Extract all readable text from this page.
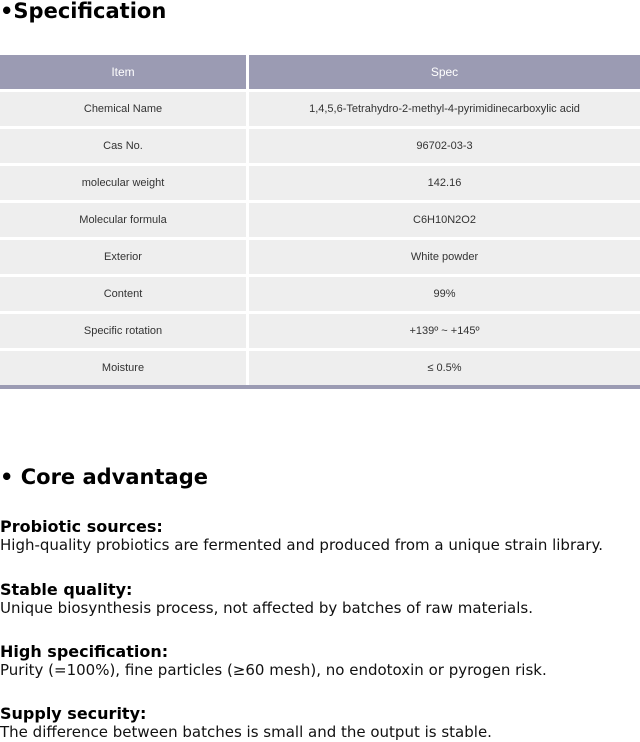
•Specification
Item	Spec
Chemical Name	1,4,5,6-Tetrahydro-2-methyl-4-pyrimidinecarboxylic acid
Cas No.	96702-03-3
molecular weight	142.16
Molecular formula	C6H10N2O2
Exterior	White powder
Content	99%
Specific rotation	+139º ~ +145º
Moisture	≤ 0.5%
• Core advantage
Probiotic sources:
High-quality probiotics are fermented and produced from a unique strain library.
Stable quality:
Unique biosynthesis process, not affected by batches of raw materials.
High specification:
Purity (=100%), fine particles (≥60 mesh), no endotoxin or pyrogen risk.
Supply security:
The difference between batches is small and the output is stable.
